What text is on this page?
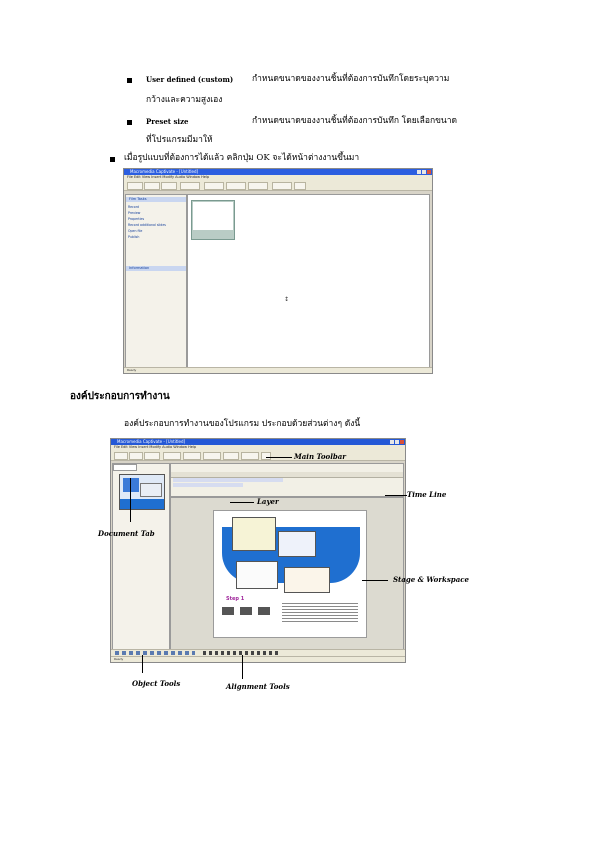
User defined (custom) กำหนดขนาดของงานชิ้นที่ต้องการบันทึกโดยระบุความ
กว้างและความสูงเอง
Preset size	กำหนดขนาดของงานชิ้นที่ต้องการบันทึก โดยเลือกขนาด
ที่โปรแกรมมีมาให้
เมื่อรูปแบบที่ต้องการได้แล้ว คลิกปุ่ม OK จะได้หน้าต่างงานขึ้นมา
Macromedia Captivate - [Untitled]
File Edit View Insert Modify Audio Window Help
Film Tasks
Record
Preview
Properties
Record additional slides
Open file
Publish
Information
↕
Ready
องค์ประกอบการทำงาน
องค์ประกอบการทำงานของโปรแกรม ประกอบด้วยส่วนต่างๆ ดังนี้
Macromedia Captivate - [Untitled]
File Edit View Insert Modify Audio Window Help
Step 1
Ready
Main Toolbar
Time Line
Layer
Document Tab
Stage & Workspace
Object Tools	Alignment Tools
